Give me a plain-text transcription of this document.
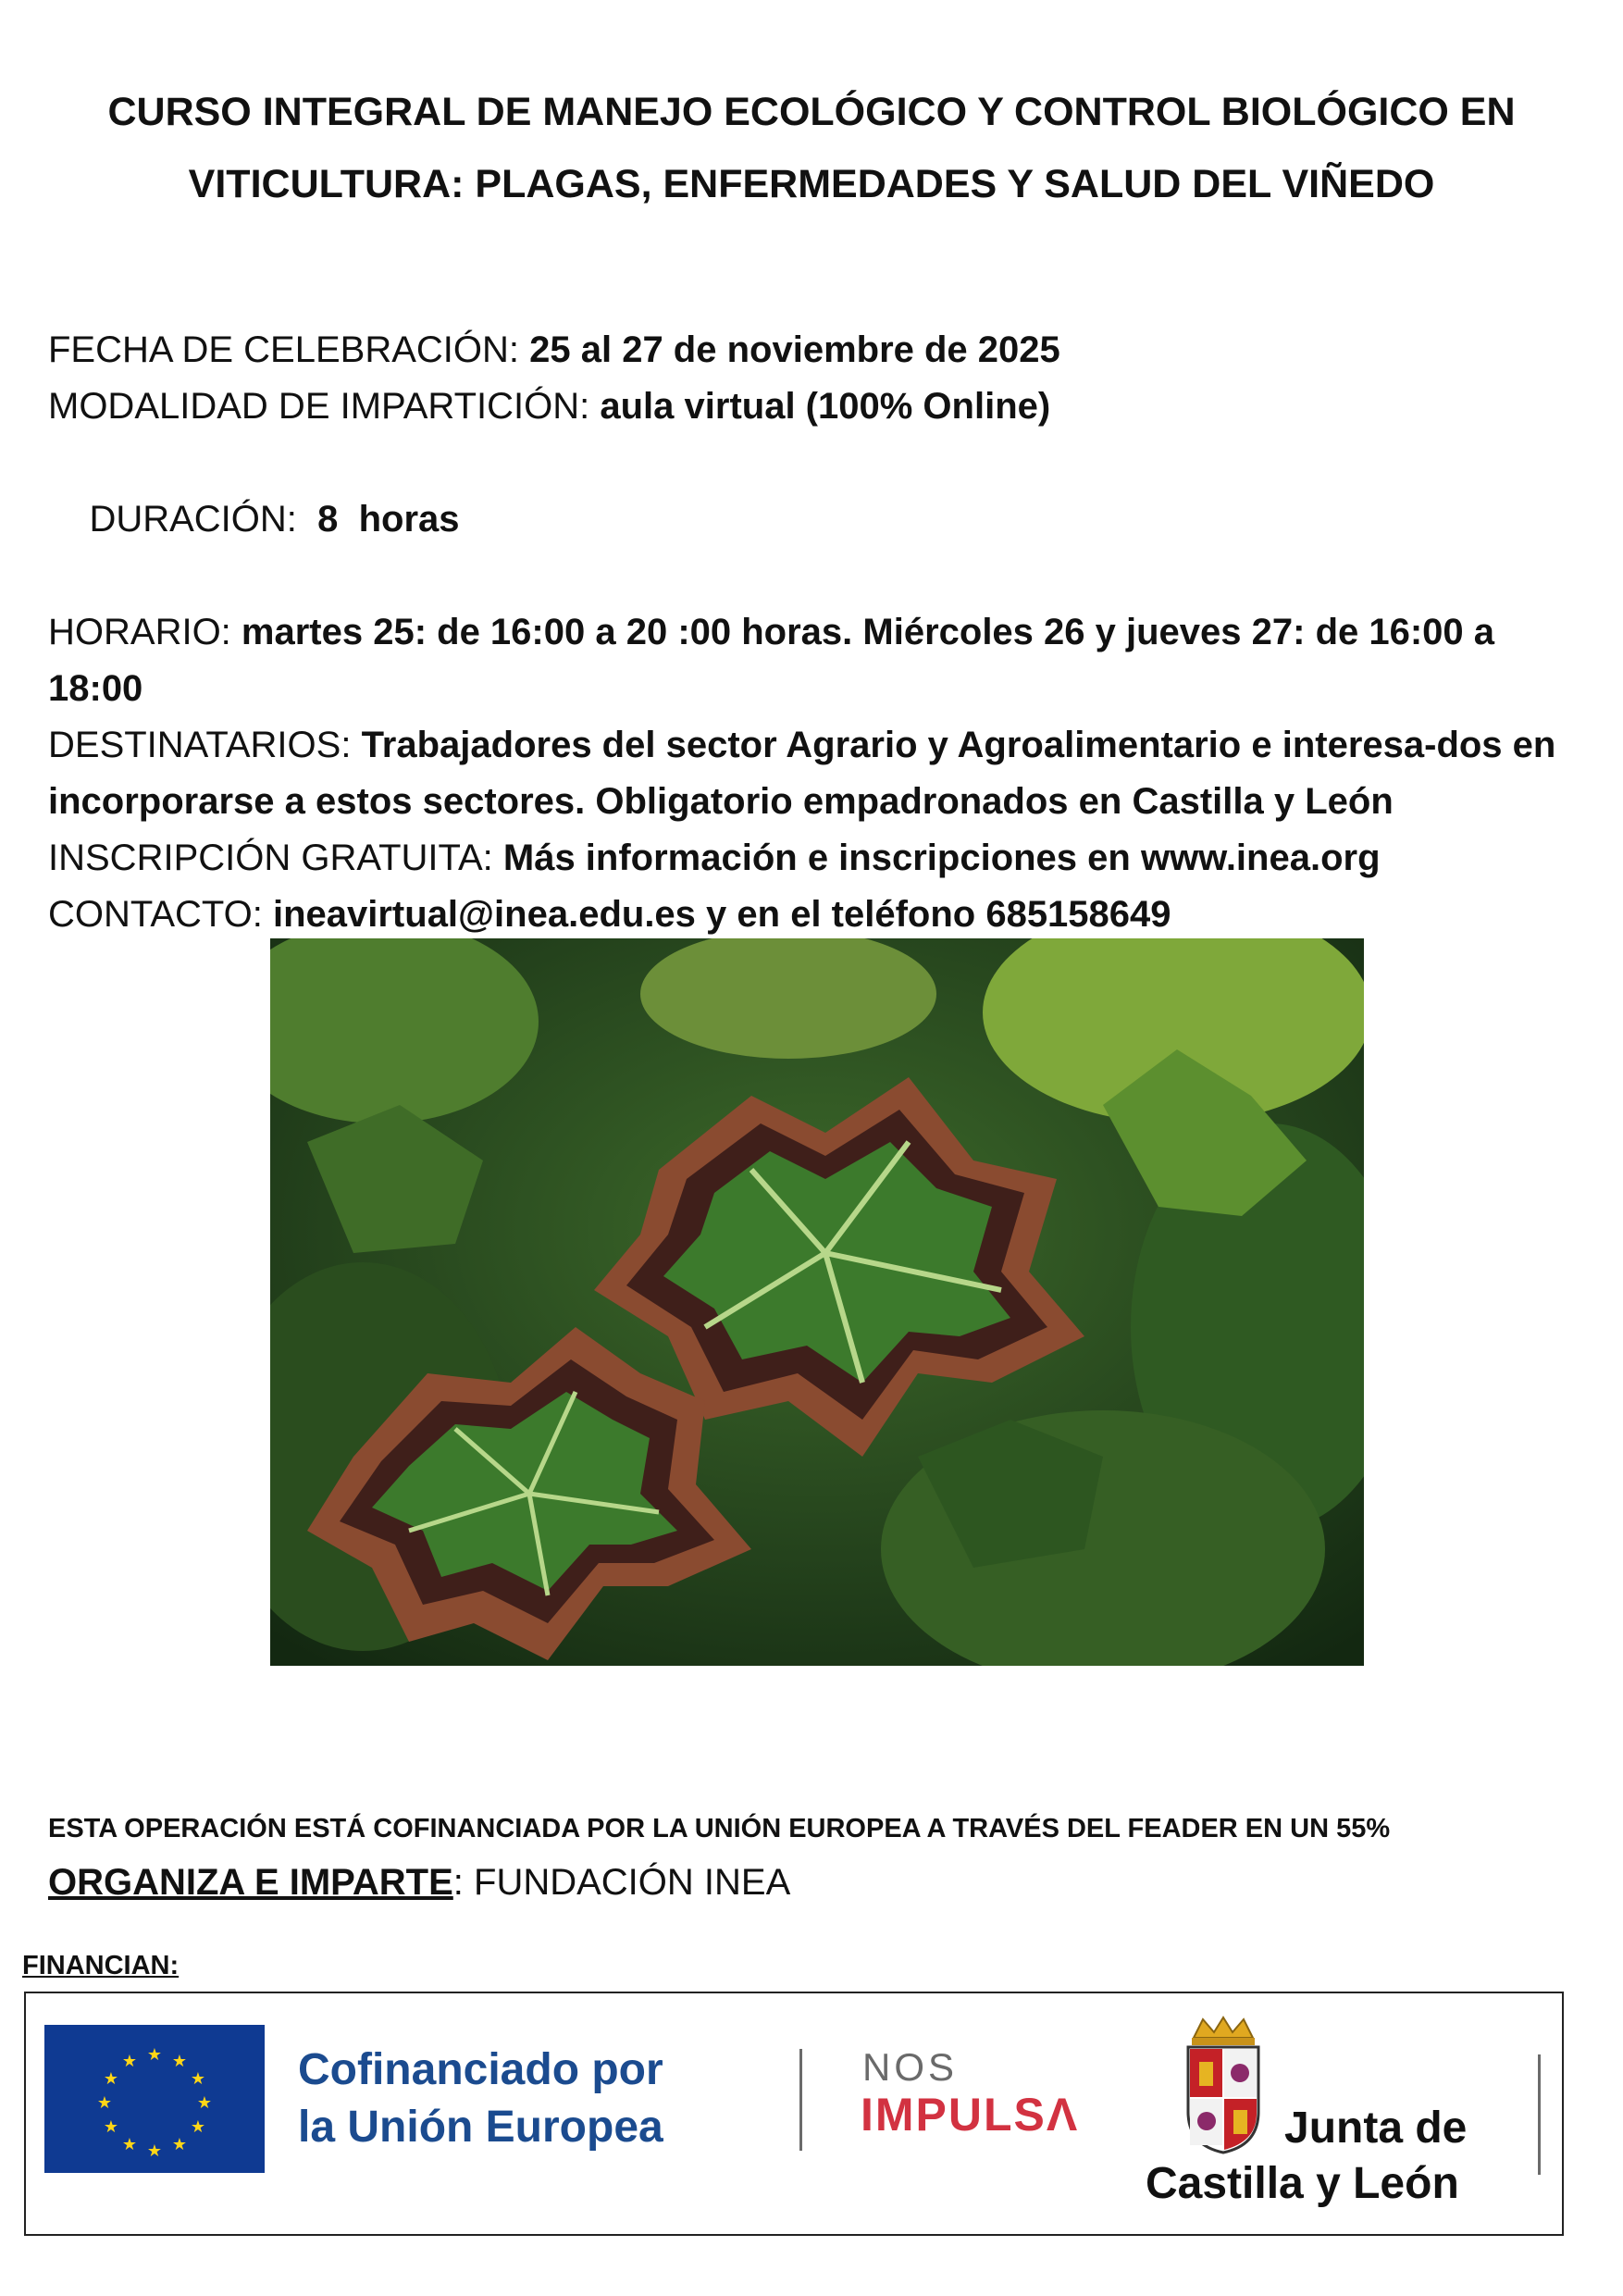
CURSO INTEGRAL DE MANEJO ECOLÓGICO Y CONTROL BIOLÓGICO EN
VITICULTURA: PLAGAS, ENFERMEDADES Y SALUD DEL VIÑEDO

FECHA DE CELEBRACIÓN: 25 al 27 de noviembre de 2025

MODALIDAD DE IMPARTICIÓN: aula virtual (100% Online)

DURACIÓN:  8  horas

HORARIO: martes 25: de 16:00 a 20 :00 horas. Miércoles 26 y jueves 27: de 16:00 a 18:00

DESTINATARIOS: Trabajadores del sector Agrario y Agroalimentario e interesa-dos en incorporarse a estos sectores. Obligatorio empadronados en Castilla y León

INSCRIPCIÓN GRATUITA: Más información e inscripciones en www.inea.org

CONTACTO: ineavirtual@inea.edu.es y en el teléfono 685158649

ESTA OPERACIÓN ESTÁ COFINANCIADA POR LA UNIÓN EUROPEA A TRAVÉS DEL FEADER EN UN 55%
ORGANIZA E IMPARTE: FUNDACIÓN INEA
FINANCIAN:
★ ★
★
★
★
★
★
★
★
★
★
★	Cofinanciado por
la Unión Europea
NOS
IMPULSΛ	Junta de
Castilla y León
